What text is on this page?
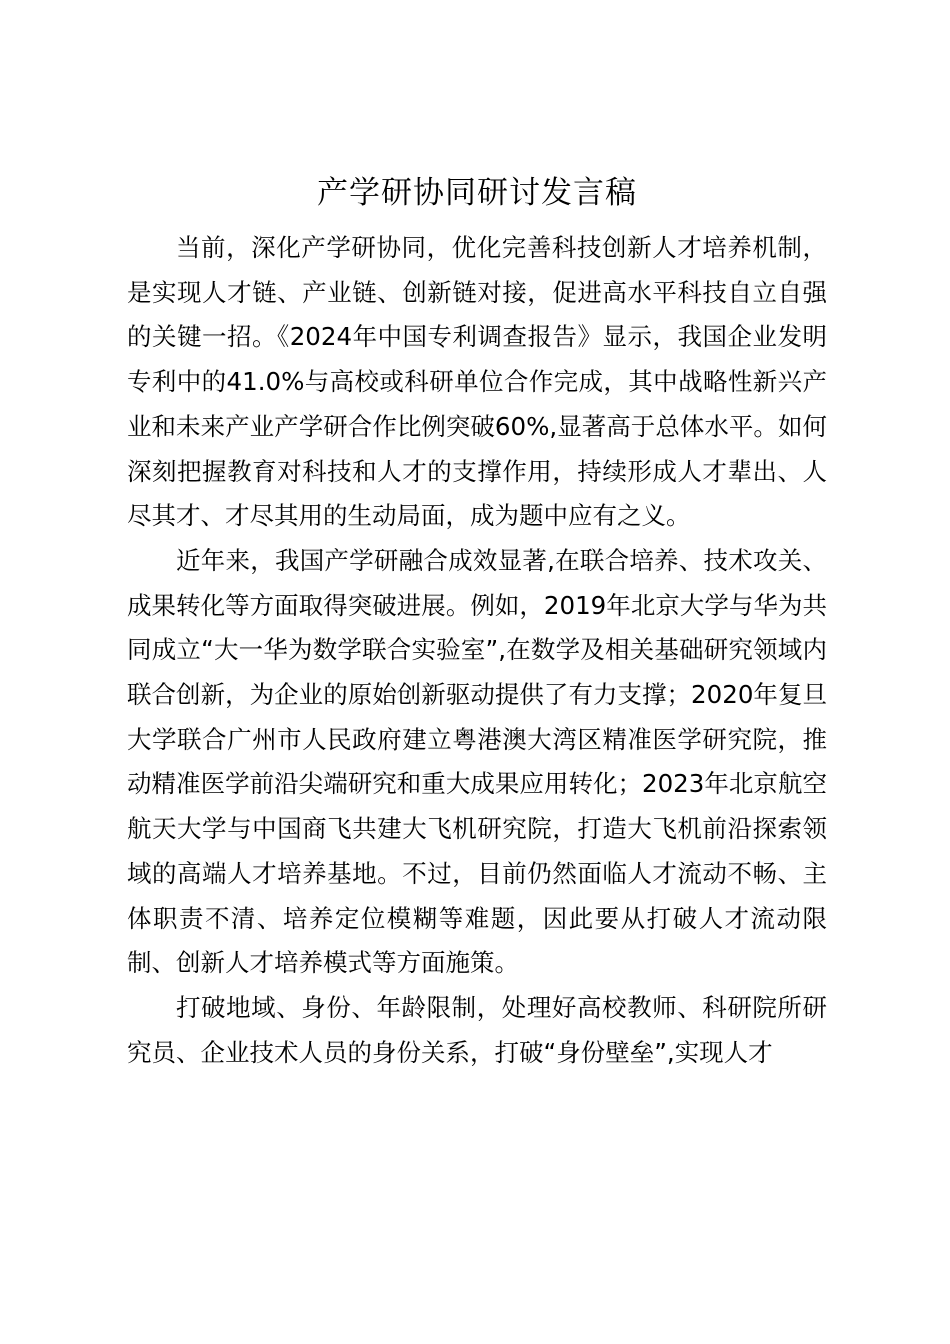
产学研协同研讨发言稿

当前，深化产学研协同，优化完善科技创新人才培养机制，是实现人才链、产业链、创新链对接，促进高水平科技自立自强的关键一招。《2024年中国专利调查报告》显示，我国企业发明专利中的41.0%与高校或科研单位合作完成，其中战略性新兴产业和未来产业产学研合作比例突破60%,显著高于总体水平。如何深刻把握教育对科技和人才的支撑作用，持续形成人才辈出、人尽其才、才尽其用的生动局面，成为题中应有之义。

近年来，我国产学研融合成效显著,在联合培养、技术攻关、成果转化等方面取得突破进展。例如，2019年北京大学与华为共同成立“大一华为数学联合实验室”,在数学及相关基础研究领域内联合创新，为企业的原始创新驱动提供了有力支撑；2020年复旦大学联合广州市人民政府建立粤港澳大湾区精准医学研究院，推动精准医学前沿尖端研究和重大成果应用转化；2023年北京航空航天大学与中国商飞共建大飞机研究院，打造大飞机前沿探索领域的高端人才培养基地。不过，目前仍然面临人才流动不畅、主体职责不清、培养定位模糊等难题，因此要从打破人才流动限制、创新人才培养模式等方面施策。

打破地域、身份、年龄限制，处理好高校教师、科研院所研究员、企业技术人员的身份关系，打破“身份壁垒”,实现人才
